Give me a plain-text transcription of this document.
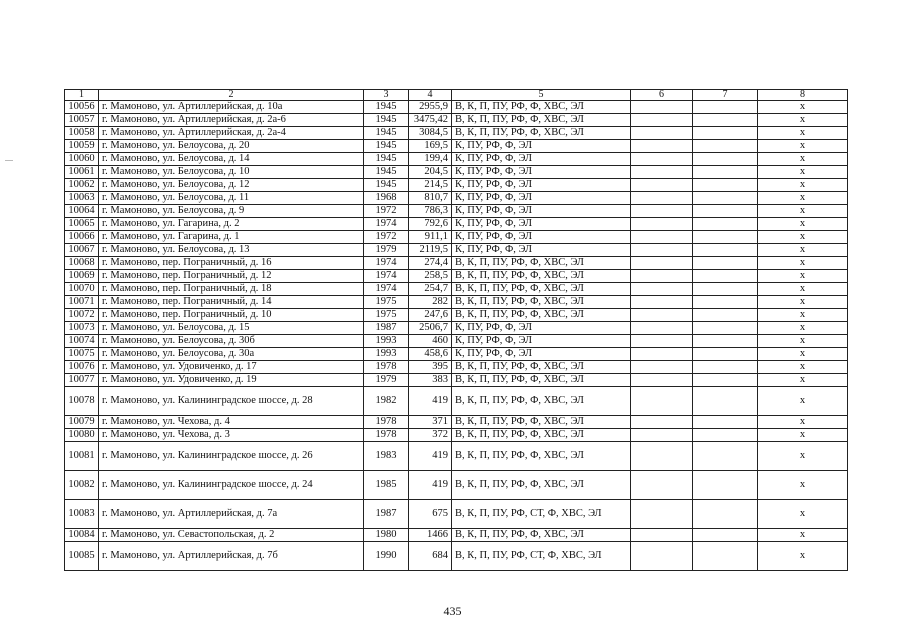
1	2	3	4	5	6	7	8
10056	г. Мамоново, ул. Артиллерийская, д. 10а	1945	2955,9	В, К, П, ПУ, РФ, Ф, ХВС, ЭЛ			x
10057	г. Мамоново, ул. Артиллерийская, д. 2а-6	1945	3475,42	В, К, П, ПУ, РФ, Ф, ХВС, ЭЛ			x
10058	г. Мамоново, ул. Артиллерийская, д. 2а-4	1945	3084,5	В, К, П, ПУ, РФ, Ф, ХВС, ЭЛ			x
10059	г. Мамоново, ул. Белоусова, д. 20	1945	169,5	К, ПУ, РФ, Ф, ЭЛ			x
10060	г. Мамоново, ул. Белоусова, д. 14	1945	199,4	К, ПУ, РФ, Ф, ЭЛ			x
10061	г. Мамоново, ул. Белоусова, д. 10	1945	204,5	К, ПУ, РФ, Ф, ЭЛ			x
10062	г. Мамоново, ул. Белоусова, д. 12	1945	214,5	К, ПУ, РФ, Ф, ЭЛ			x
10063	г. Мамоново, ул. Белоусова, д. 11	1968	810,7	К, ПУ, РФ, Ф, ЭЛ			x
10064	г. Мамоново, ул. Белоусова, д. 9	1972	786,3	К, ПУ, РФ, Ф, ЭЛ			x
10065	г. Мамоново, ул. Гагарина, д. 2	1974	792,6	К, ПУ, РФ, Ф, ЭЛ			x
10066	г. Мамоново, ул. Гагарина, д. 1	1972	911,1	К, ПУ, РФ, Ф, ЭЛ			x
10067	г. Мамоново, ул. Белоусова, д. 13	1979	2119,5	К, ПУ, РФ, Ф, ЭЛ			x
10068	г. Мамоново, пер. Пограничный, д. 16	1974	274,4	В, К, П, ПУ, РФ, Ф, ХВС, ЭЛ			x
10069	г. Мамоново, пер. Пограничный, д. 12	1974	258,5	В, К, П, ПУ, РФ, Ф, ХВС, ЭЛ			x
10070	г. Мамоново, пер. Пограничный, д. 18	1974	254,7	В, К, П, ПУ, РФ, Ф, ХВС, ЭЛ			x
10071	г. Мамоново, пер. Пограничный, д. 14	1975	282	В, К, П, ПУ, РФ, Ф, ХВС, ЭЛ			x
10072	г. Мамоново, пер. Пограничный, д. 10	1975	247,6	В, К, П, ПУ, РФ, Ф, ХВС, ЭЛ			x
10073	г. Мамоново, ул. Белоусова, д. 15	1987	2506,7	К, ПУ, РФ, Ф, ЭЛ			x
10074	г. Мамоново, ул. Белоусова, д. 30б	1993	460	К, ПУ, РФ, Ф, ЭЛ			x
10075	г. Мамоново, ул. Белоусова, д. 30а	1993	458,6	К, ПУ, РФ, Ф, ЭЛ			x
10076	г. Мамоново, ул. Удовиченко, д. 17	1978	395	В, К, П, ПУ, РФ, Ф, ХВС, ЭЛ			x
10077	г. Мамоново, ул. Удовиченко, д. 19	1979	383	В, К, П, ПУ, РФ, Ф, ХВС, ЭЛ			x
10078	г. Мамоново, ул. Калининградское шоссе, д. 28	1982	419	В, К, П, ПУ, РФ, Ф, ХВС, ЭЛ			x
10079	г. Мамоново, ул. Чехова, д. 4	1978	371	В, К, П, ПУ, РФ, Ф, ХВС, ЭЛ			x
10080	г. Мамоново, ул. Чехова, д. 3	1978	372	В, К, П, ПУ, РФ, Ф, ХВС, ЭЛ			x
10081	г. Мамоново, ул. Калининградское шоссе, д. 26	1983	419	В, К, П, ПУ, РФ, Ф, ХВС, ЭЛ			x
10082	г. Мамоново, ул. Калининградское шоссе, д. 24	1985	419	В, К, П, ПУ, РФ, Ф, ХВС, ЭЛ			x
10083	г. Мамоново, ул. Артиллерийская, д. 7а	1987	675	В, К, П, ПУ, РФ, СТ, Ф, ХВС, ЭЛ			x
10084	г. Мамоново, ул. Севастопольская, д. 2	1980	1466	В, К, П, ПУ, РФ, Ф, ХВС, ЭЛ			x
10085	г. Мамоново, ул. Артиллерийская, д. 7б	1990	684	В, К, П, ПУ, РФ, СТ, Ф, ХВС, ЭЛ			x
435
